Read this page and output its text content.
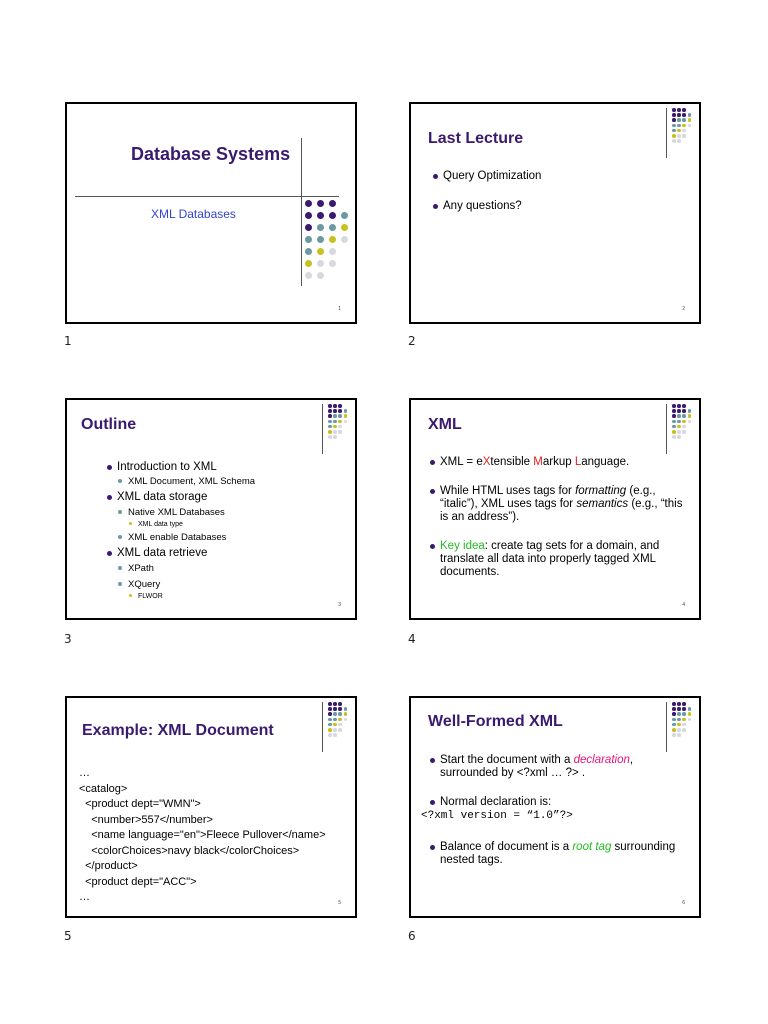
Database Systems
XML Databases
1
1
Last Lecture
Query Optimization
Any questions?
2
2
Outline
Introduction to XML
XML Document, XML Schema
XML data storage
Native XML Databases
XML data type
XML enable Databases
XML data retrieve
XPath
XQuery
FLWOR
3
3
XML
XML = eXtensible Markup Language.
While HTML uses tags for formatting (e.g., “italic”), XML uses tags for semantics (e.g., “this is an address”).
Key idea: create tag sets for a domain, and translate all data into properly tagged XML documents.
4
4
Example: XML Document
…
<catalog>
<product dept="WMN">
<number>557</number>
<name language="en">Fleece Pullover</name>
<colorChoices>navy black</colorChoices>
</product>
<product dept="ACC">
…	5
5
Well-Formed XML
Start the document with a declaration, surrounded by <?xml … ?> .
Normal declaration is:
<?xml version = “1.0”?>
Balance of document is a root tag surrounding nested tags.
6
6
